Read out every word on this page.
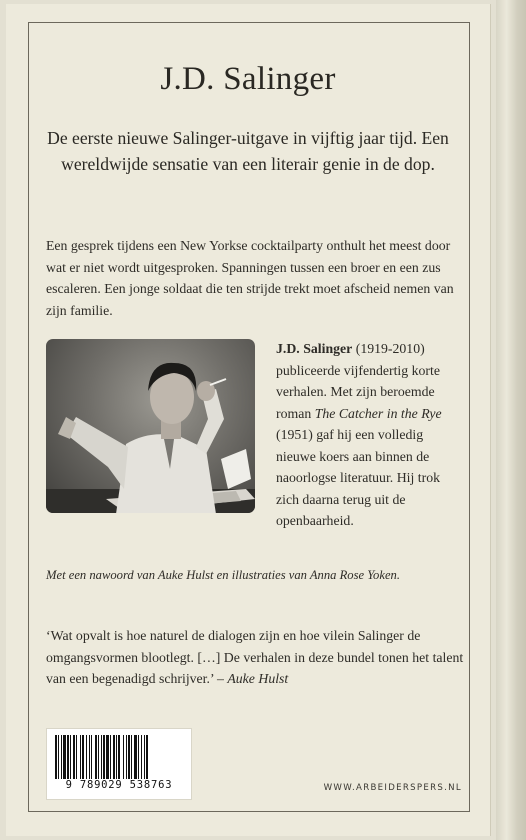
J.D. Salinger

De eerste nieuwe Salinger-uitgave in vijftig jaar tijd. Een wereldwijde sensatie van een literair genie in de dop.

Een gesprek tijdens een New Yorkse cocktailparty onthult het meest door wat er niet wordt uitgesproken. Spanningen tussen een broer en een zus escaleren. Een jonge soldaat die ten strijde trekt moet afscheid nemen van zijn familie.

J.D. Salinger (1919-2010) publiceerde vijfendertig korte verhalen. Met zijn beroemde roman The Catcher in the Rye (1951) gaf hij een volledig nieuwe koers aan binnen de naoorlogse literatuur. Hij trok zich daarna terug uit de openbaarheid.

Met een nawoord van Auke Hulst en illustraties van Anna Rose Yoken.

‘Wat opvalt is hoe naturel de dialogen zijn en hoe vilein Salinger de omgangsvormen blootlegt. […] De verhalen in deze bundel tonen het talent van een begenadigd schrijver.’ – Auke Hulst

9 789029 538763	WWW.ARBEIDERSPERS.NL
